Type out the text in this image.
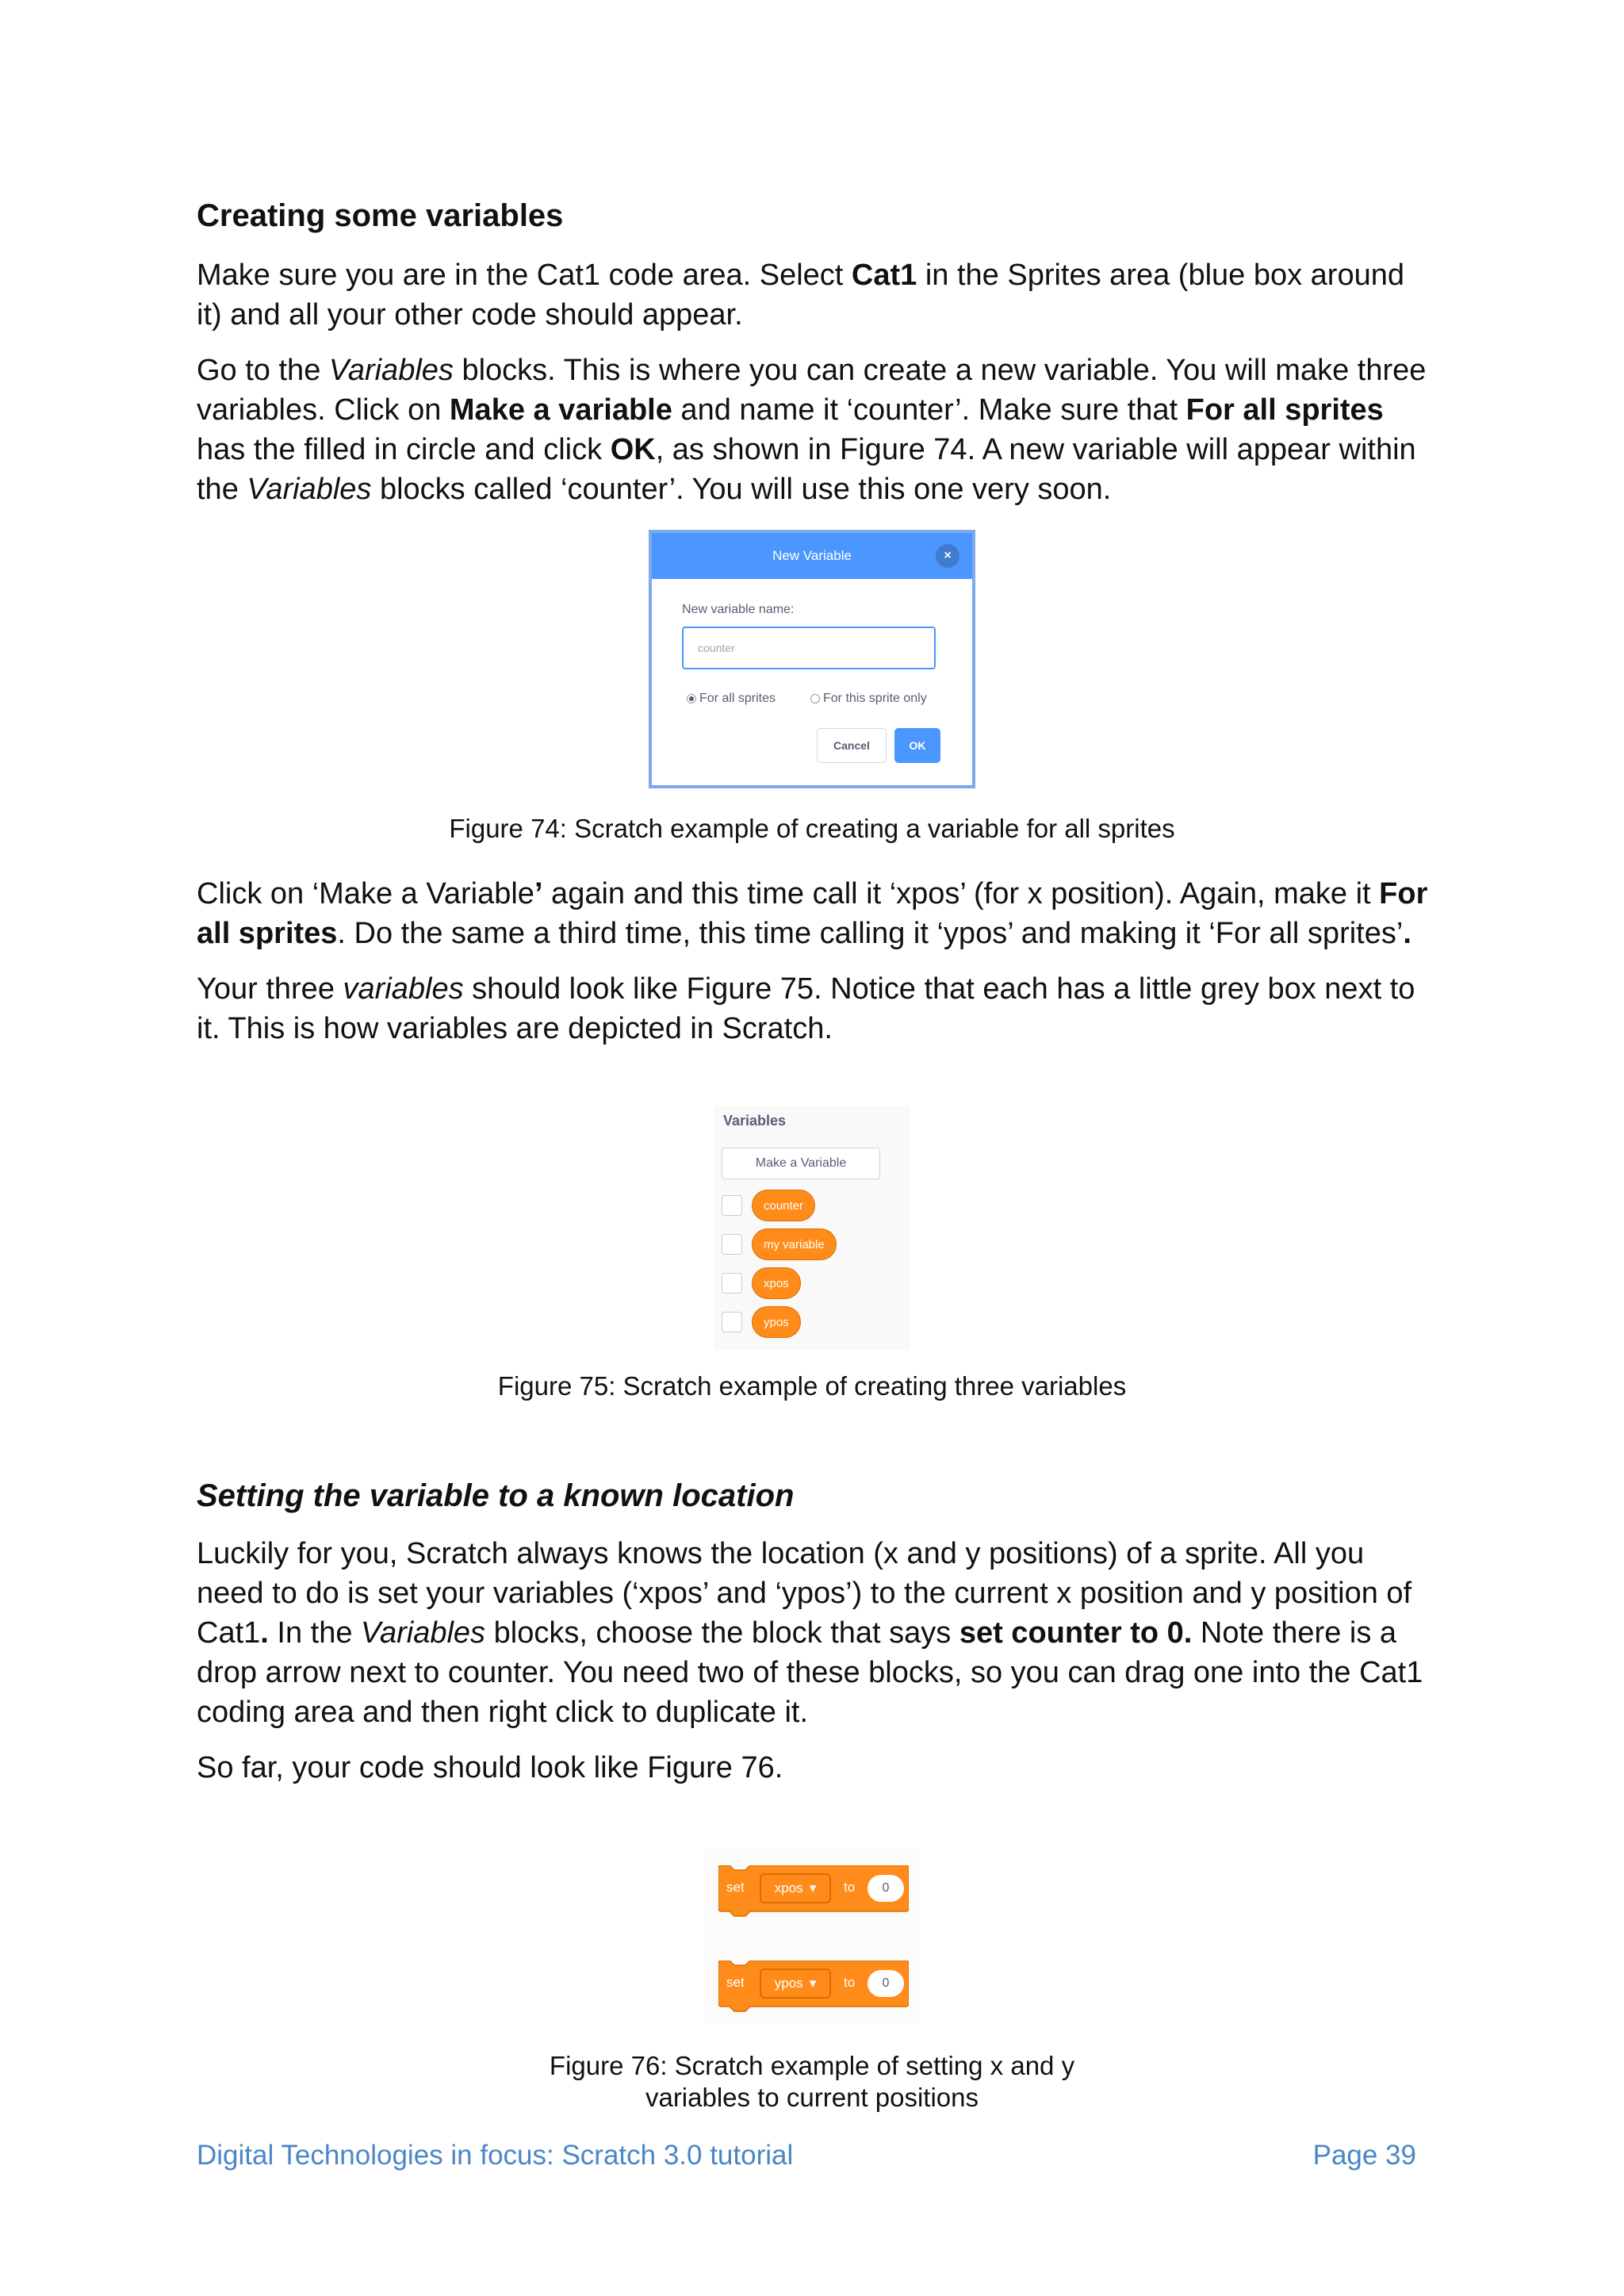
Creating some variables

Make sure you are in the Cat1 code area. Select Cat1 in the Sprites area (blue box around it) and all your other code should appear.

Go to the Variables blocks. This is where you can create a new variable. You will make three variables. Click on Make a variable and name it ‘counter’. Make sure that For all sprites has the filled in circle and click OK, as shown in Figure 74. A new variable will appear within the Variables blocks called ‘counter’. You will use this one very soon.

New Variable	×
New variable name:
counter
For all sprites	For this sprite only
Cancel	OK
Figure 74: Scratch example of creating a variable for all sprites

Click on ‘Make a Variable’ again and this time call it ‘xpos’ (for x position). Again, make it For all sprites. Do the same a third time, this time calling it ‘ypos’ and making it ‘For all sprites’.

Your three variables should look like Figure 75. Notice that each has a little grey box next to it. This is how variables are depicted in Scratch.

Variables
Make a Variable
counter
my variable
xpos
ypos
Figure 75: Scratch example of creating three variables
Setting the variable to a known location

Luckily for you, Scratch always knows the location (x and y positions) of a sprite. All you need to do is set your variables (‘xpos’ and ‘ypos’) to the current x position and y position of Cat1. In the Variables blocks, choose the block that says set counter to 0. Note there is a drop arrow next to counter. You need two of these blocks, so you can drag one into the Cat1 coding area and then right click to duplicate it.

So far, your code should look like Figure 76.

set xpos ▾ to	0
set ypos ▾ to	0
Figure 76: Scratch example of setting x and y
variables to current positions
Digital Technologies in focus: Scratch 3.0 tutorial	Page 39
